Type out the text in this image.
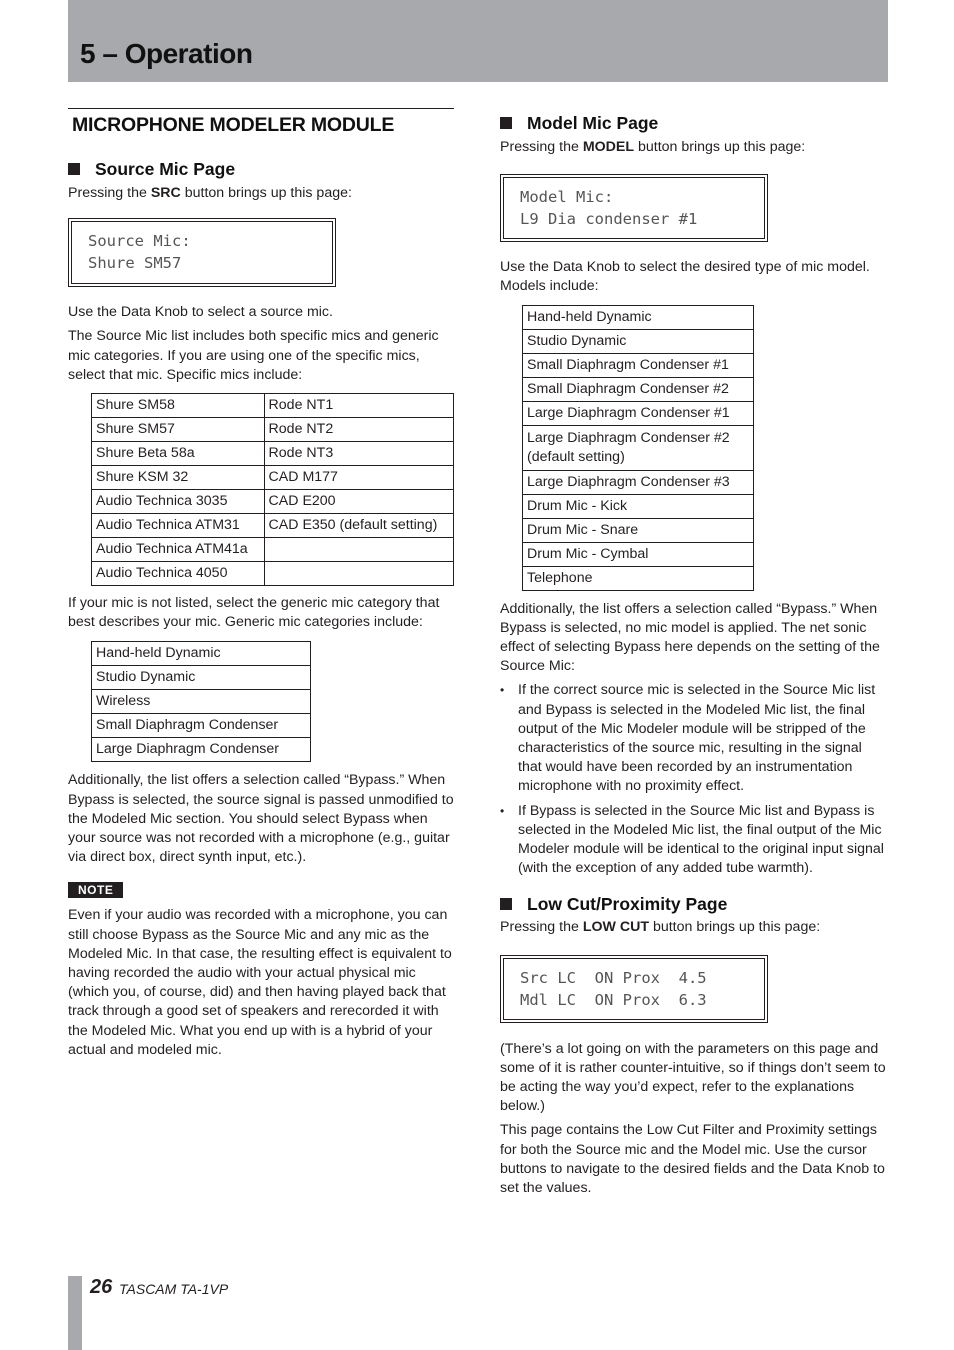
5 – Operation
MICROPHONE MODELER MODULE
Source Mic Page

Pressing the SRC button brings up this page:

Source Mic:
Shure SM57

Use the Data Knob to select a source mic.

The Source Mic list includes both specific mics and generic mic categories. If you are using one of the specific mics, select that mic. Specific mics include:

Shure SM58	Rode NT1
Shure SM57	Rode NT2
Shure Beta 58a	Rode NT3
Shure KSM 32	CAD M177
Audio Technica 3035	CAD E200
Audio Technica ATM31	CAD E350 (default setting)
Audio Technica ATM41a	
Audio Technica 4050	

If your mic is not listed, select the generic mic category that best describes your mic. Generic mic categories include:

Hand-held Dynamic
Studio Dynamic
Wireless
Small Diaphragm Condenser
Large Diaphragm Condenser

Additionally, the list offers a selection called “Bypass.” When Bypass is selected, the source signal is passed unmodified to the Modeled Mic section. You should select Bypass when your source was not recorded with a microphone (e.g., guitar via direct box, direct synth input, etc.).

NOTE

Even if your audio was recorded with a microphone, you can still choose Bypass as the Source Mic and any mic as the Modeled Mic. In that case, the resulting effect is equivalent to having recorded the audio with your actual physical mic (which you, of course, did) and then having played back that track through a good set of speakers and rerecorded it with the Modeled Mic. What you end up with is a hybrid of your actual and modeled mic.

Model Mic Page

Pressing the MODEL button brings up this page:

Model Mic:
L9 Dia condenser #1

Use the Data Knob to select the desired type of mic model. Models include:

Hand-held Dynamic
Studio Dynamic
Small Diaphragm Condenser #1
Small Diaphragm Condenser #2
Large Diaphragm Condenser #1
Large Diaphragm Condenser #2 (default setting)
Large Diaphragm Condenser #3
Drum Mic - Kick
Drum Mic - Snare
Drum Mic - Cymbal
Telephone

Additionally, the list offers a selection called “Bypass.” When Bypass is selected, no mic model is applied. The net sonic effect of selecting Bypass here depends on the setting of the Source Mic:

• If the correct source mic is selected in the Source Mic list and Bypass is selected in the Modeled Mic list, the final output of the Mic Modeler module will be stripped of the characteristics of the source mic, resulting in the signal that would have been recorded by an instrumentation microphone with no proximity effect.
• If Bypass is selected in the Source Mic list and Bypass is selected in the Modeled Mic list, the final output of the Mic Modeler module will be identical to the original input signal (with the exception of any added tube warmth).
Low Cut/Proximity Page

Pressing the LOW CUT button brings up this page:

Src LC  ON Prox  4.5
Mdl LC  ON Prox  6.3

(There’s a lot going on with the parameters on this page and some of it is rather counter-intuitive, so if things don’t seem to be acting the way you’d expect, refer to the explanations below.)

This page contains the Low Cut Filter and Proximity settings for both the Source mic and the Model mic. Use the cursor buttons to navigate to the desired fields and the Data Knob to set the values.

26 TASCAM TA-1VP
